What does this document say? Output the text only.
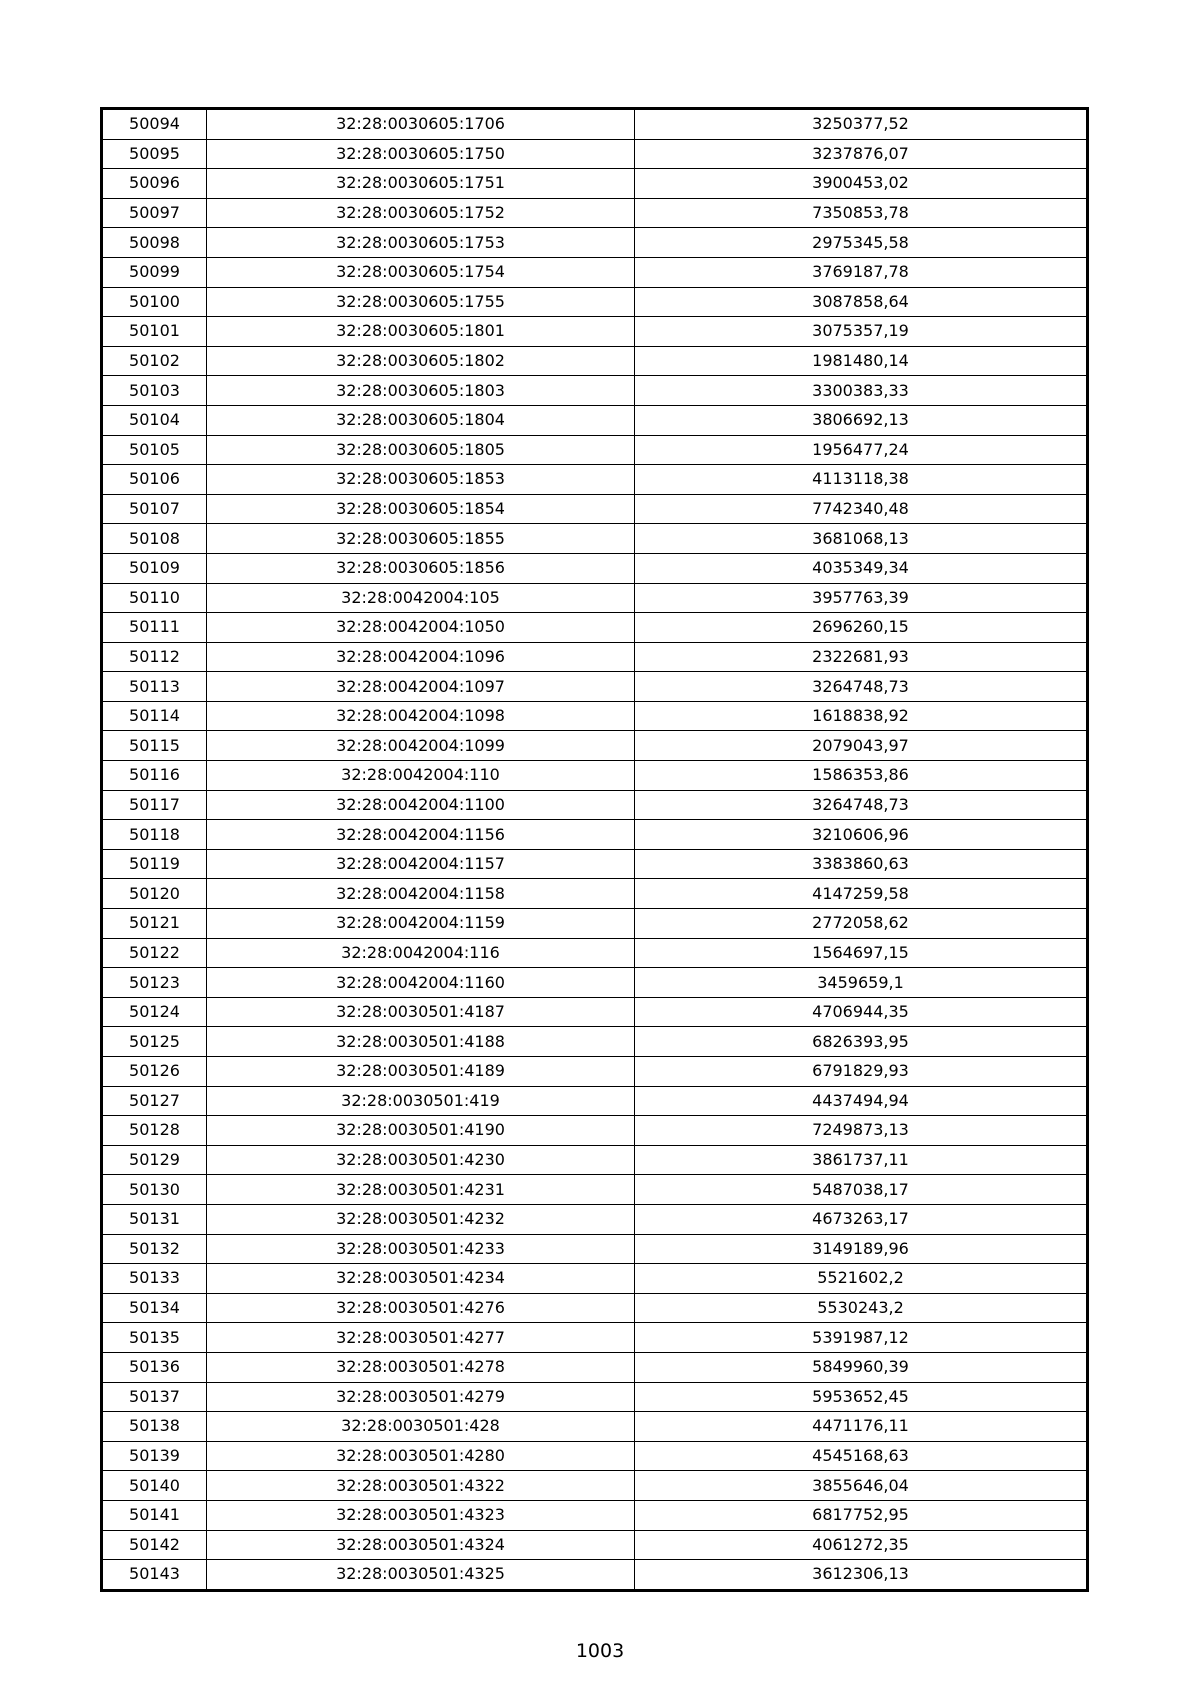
50094	32:28:0030605:1706	3250377,52
50095	32:28:0030605:1750	3237876,07
50096	32:28:0030605:1751	3900453,02
50097	32:28:0030605:1752	7350853,78
50098	32:28:0030605:1753	2975345,58
50099	32:28:0030605:1754	3769187,78
50100	32:28:0030605:1755	3087858,64
50101	32:28:0030605:1801	3075357,19
50102	32:28:0030605:1802	1981480,14
50103	32:28:0030605:1803	3300383,33
50104	32:28:0030605:1804	3806692,13
50105	32:28:0030605:1805	1956477,24
50106	32:28:0030605:1853	4113118,38
50107	32:28:0030605:1854	7742340,48
50108	32:28:0030605:1855	3681068,13
50109	32:28:0030605:1856	4035349,34
50110	32:28:0042004:105	3957763,39
50111	32:28:0042004:1050	2696260,15
50112	32:28:0042004:1096	2322681,93
50113	32:28:0042004:1097	3264748,73
50114	32:28:0042004:1098	1618838,92
50115	32:28:0042004:1099	2079043,97
50116	32:28:0042004:110	1586353,86
50117	32:28:0042004:1100	3264748,73
50118	32:28:0042004:1156	3210606,96
50119	32:28:0042004:1157	3383860,63
50120	32:28:0042004:1158	4147259,58
50121	32:28:0042004:1159	2772058,62
50122	32:28:0042004:116	1564697,15
50123	32:28:0042004:1160	3459659,1
50124	32:28:0030501:4187	4706944,35
50125	32:28:0030501:4188	6826393,95
50126	32:28:0030501:4189	6791829,93
50127	32:28:0030501:419	4437494,94
50128	32:28:0030501:4190	7249873,13
50129	32:28:0030501:4230	3861737,11
50130	32:28:0030501:4231	5487038,17
50131	32:28:0030501:4232	4673263,17
50132	32:28:0030501:4233	3149189,96
50133	32:28:0030501:4234	5521602,2
50134	32:28:0030501:4276	5530243,2
50135	32:28:0030501:4277	5391987,12
50136	32:28:0030501:4278	5849960,39
50137	32:28:0030501:4279	5953652,45
50138	32:28:0030501:428	4471176,11
50139	32:28:0030501:4280	4545168,63
50140	32:28:0030501:4322	3855646,04
50141	32:28:0030501:4323	6817752,95
50142	32:28:0030501:4324	4061272,35
50143	32:28:0030501:4325	3612306,13
1003
